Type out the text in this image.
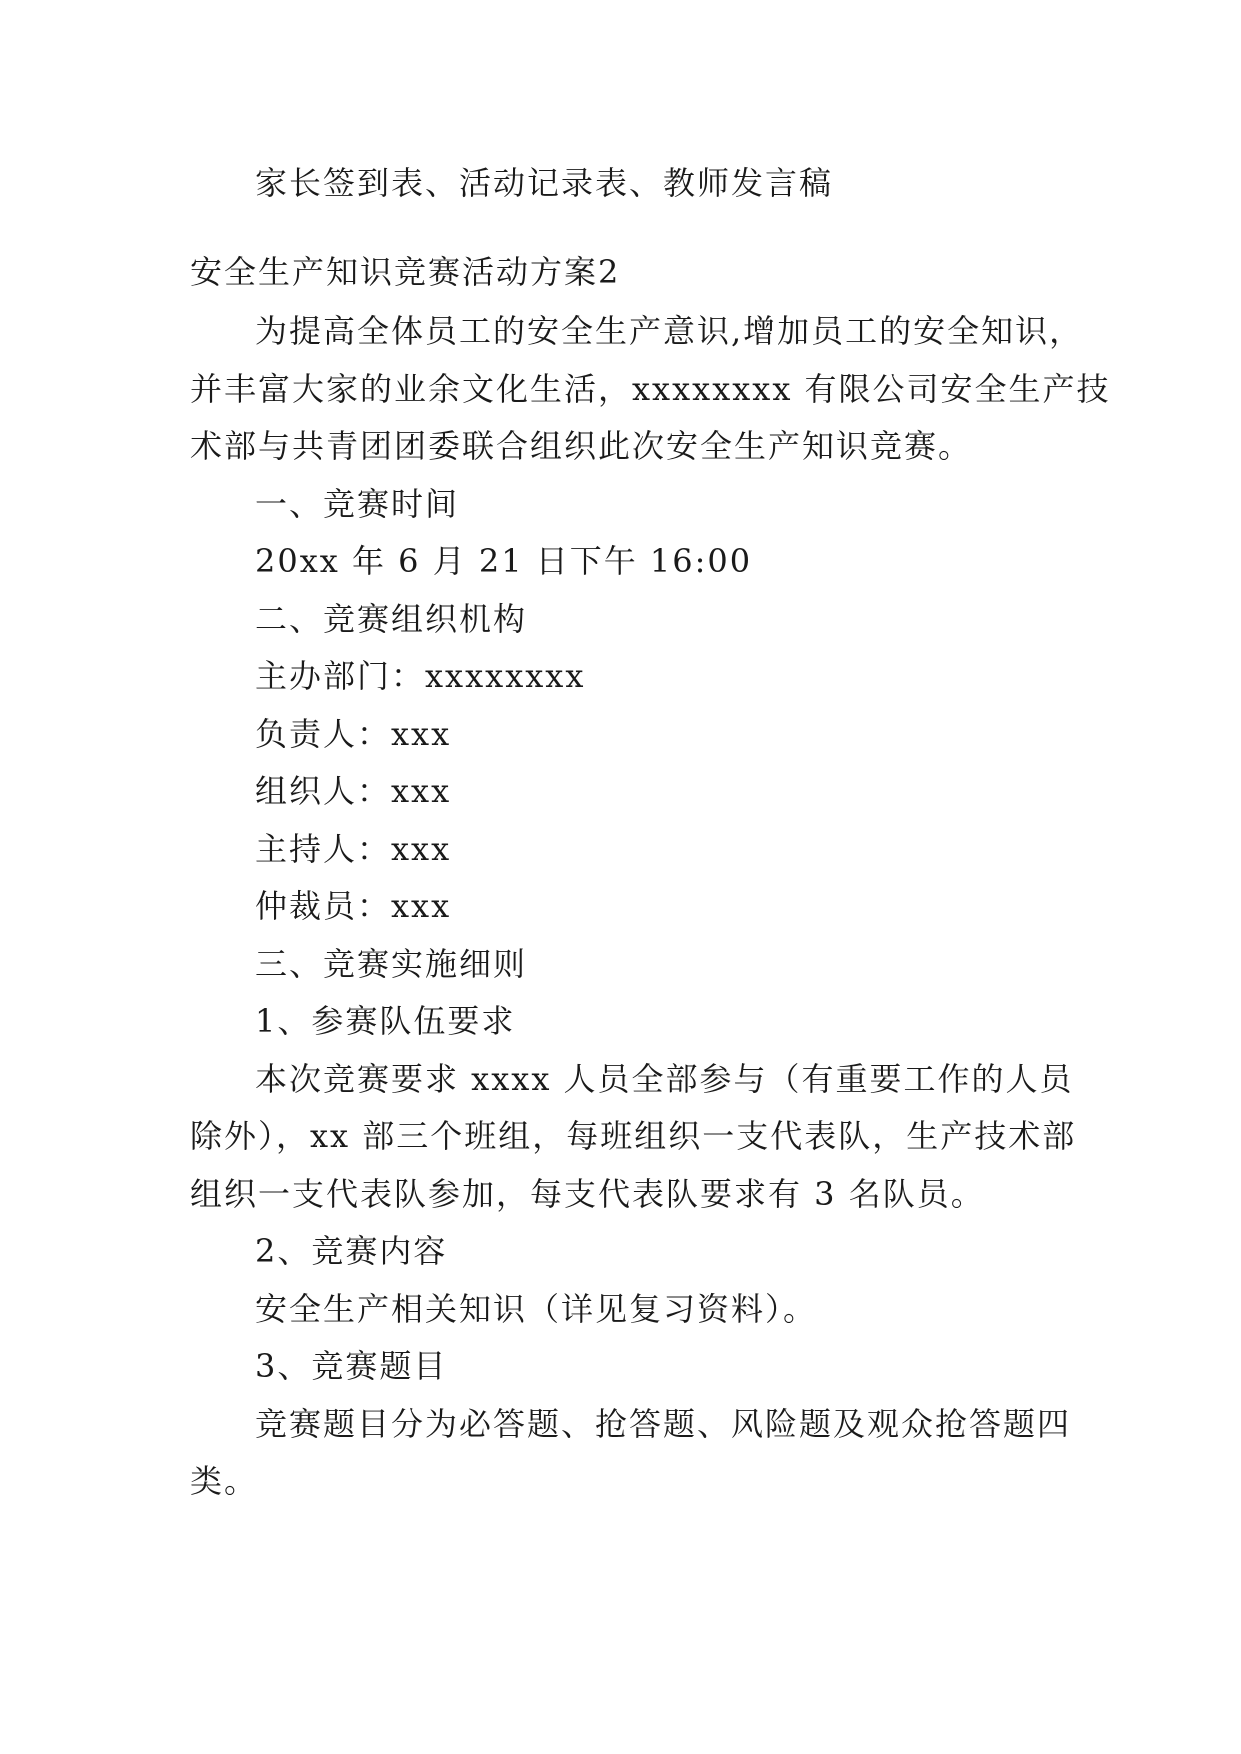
家长签到表、活动记录表、教师发言稿
安全生产知识竞赛活动方案2
为提高全体员工的安全生产意识,增加员工的安全知识，
并丰富大家的业余文化生活，xxxxxxxx 有限公司安全生产技
术部与共青团团委联合组织此次安全生产知识竞赛。
一、竞赛时间
20xx 年 6 月 21 日下午 16:00
二、竞赛组织机构
主办部门：xxxxxxxx
负责人：xxx
组织人：xxx
主持人：xxx
仲裁员：xxx
三、竞赛实施细则
1、参赛队伍要求
本次竞赛要求 xxxx 人员全部参与（有重要工作的人员
除外），xx 部三个班组，每班组织一支代表队，生产技术部
组织一支代表队参加，每支代表队要求有 3 名队员。
2、竞赛内容
安全生产相关知识（详见复习资料）。
3、竞赛题目
竞赛题目分为必答题、抢答题、风险题及观众抢答题四
类。
